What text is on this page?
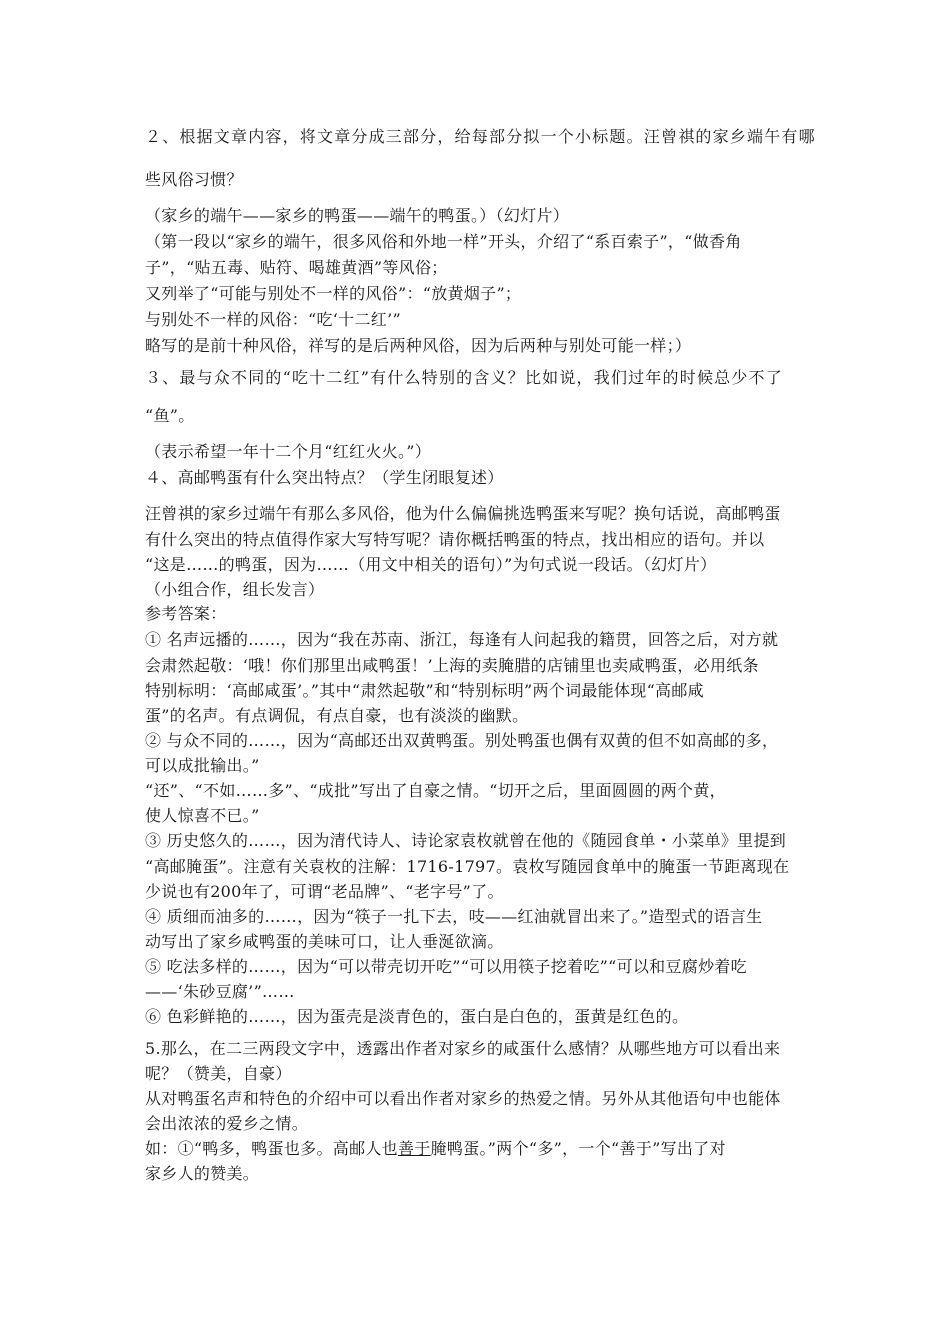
２、根据文章内容，将文章分成三部分，给每部分拟一个小标题。汪曾祺的家乡端午有哪
些风俗习惯？
（家乡的端午——家乡的鸭蛋——端午的鸭蛋。）（幻灯片）
（第一段以“家乡的端午，很多风俗和外地一样”开头，介绍了“系百索子”，“做香角
子”，“贴五毒、贴符、喝雄黄酒”等风俗；
又列举了“可能与别处不一样的风俗”：“放黄烟子”；
与别处不一样的风俗：“吃‘十二红’”
略写的是前十种风俗，祥写的是后两种风俗，因为后两种与别处可能一样；）
３、最与众不同的“吃十二红”有什么特别的含义？比如说，我们过年的时候总少不了
“鱼”。
（表示希望一年十二个月“红红火火。”）
４、高邮鸭蛋有什么突出特点？（学生闭眼复述）
汪曾祺的家乡过端午有那么多风俗，他为什么偏偏挑选鸭蛋来写呢？换句话说，高邮鸭蛋
有什么突出的特点值得作家大写特写呢？请你概括鸭蛋的特点，找出相应的语句。并以
“这是……的鸭蛋，因为……（用文中相关的语句）”为句式说一段话。（幻灯片）
（小组合作，组长发言）
参考答案：
① 名声远播的……，因为“我在苏南、浙江，每逢有人问起我的籍贯，回答之后，对方就
会肃然起敬：‘哦！你们那里出咸鸭蛋！’上海的卖腌腊的店铺里也卖咸鸭蛋，必用纸条
特别标明：‘高邮咸蛋’。”其中“肃然起敬”和“特别标明”两个词最能体现“高邮咸
蛋”的名声。有点调侃，有点自豪，也有淡淡的幽默。
② 与众不同的……，因为“高邮还出双黄鸭蛋。别处鸭蛋也偶有双黄的但不如高邮的多，
可以成批输出。”
“还”、“不如……多”、“成批”写出了自豪之情。“切开之后，里面圆圆的两个黄，
使人惊喜不已。”
③ 历史悠久的……，因为清代诗人、诗论家袁枚就曾在他的《随园食单・小菜单》里提到
“高邮腌蛋”。注意有关袁枚的注解：1716-1797。袁枚写随园食单中的腌蛋一节距离现在
少说也有200年了，可谓“老品牌”、“老字号”了。
④ 质细而油多的……，因为“筷子一扎下去，吱——红油就冒出来了。”造型式的语言生
动写出了家乡咸鸭蛋的美味可口，让人垂涎欲滴。
⑤ 吃法多样的……，因为“可以带壳切开吃”“可以用筷子挖着吃”“可以和豆腐炒着吃
——‘朱砂豆腐’”……
⑥ 色彩鲜艳的……，因为蛋壳是淡青色的，蛋白是白色的，蛋黄是红色的。
5.那么，在二三两段文字中，透露出作者对家乡的咸蛋什么感情？从哪些地方可以看出来
呢？（赞美，自豪）
从对鸭蛋名声和特色的介绍中可以看出作者对家乡的热爱之情。另外从其他语句中也能体
会出浓浓的爱乡之情。
如：①“鸭多，鸭蛋也多。高邮人也善于腌鸭蛋。”两个“多”，一个“善于”写出了对
家乡人的赞美。
